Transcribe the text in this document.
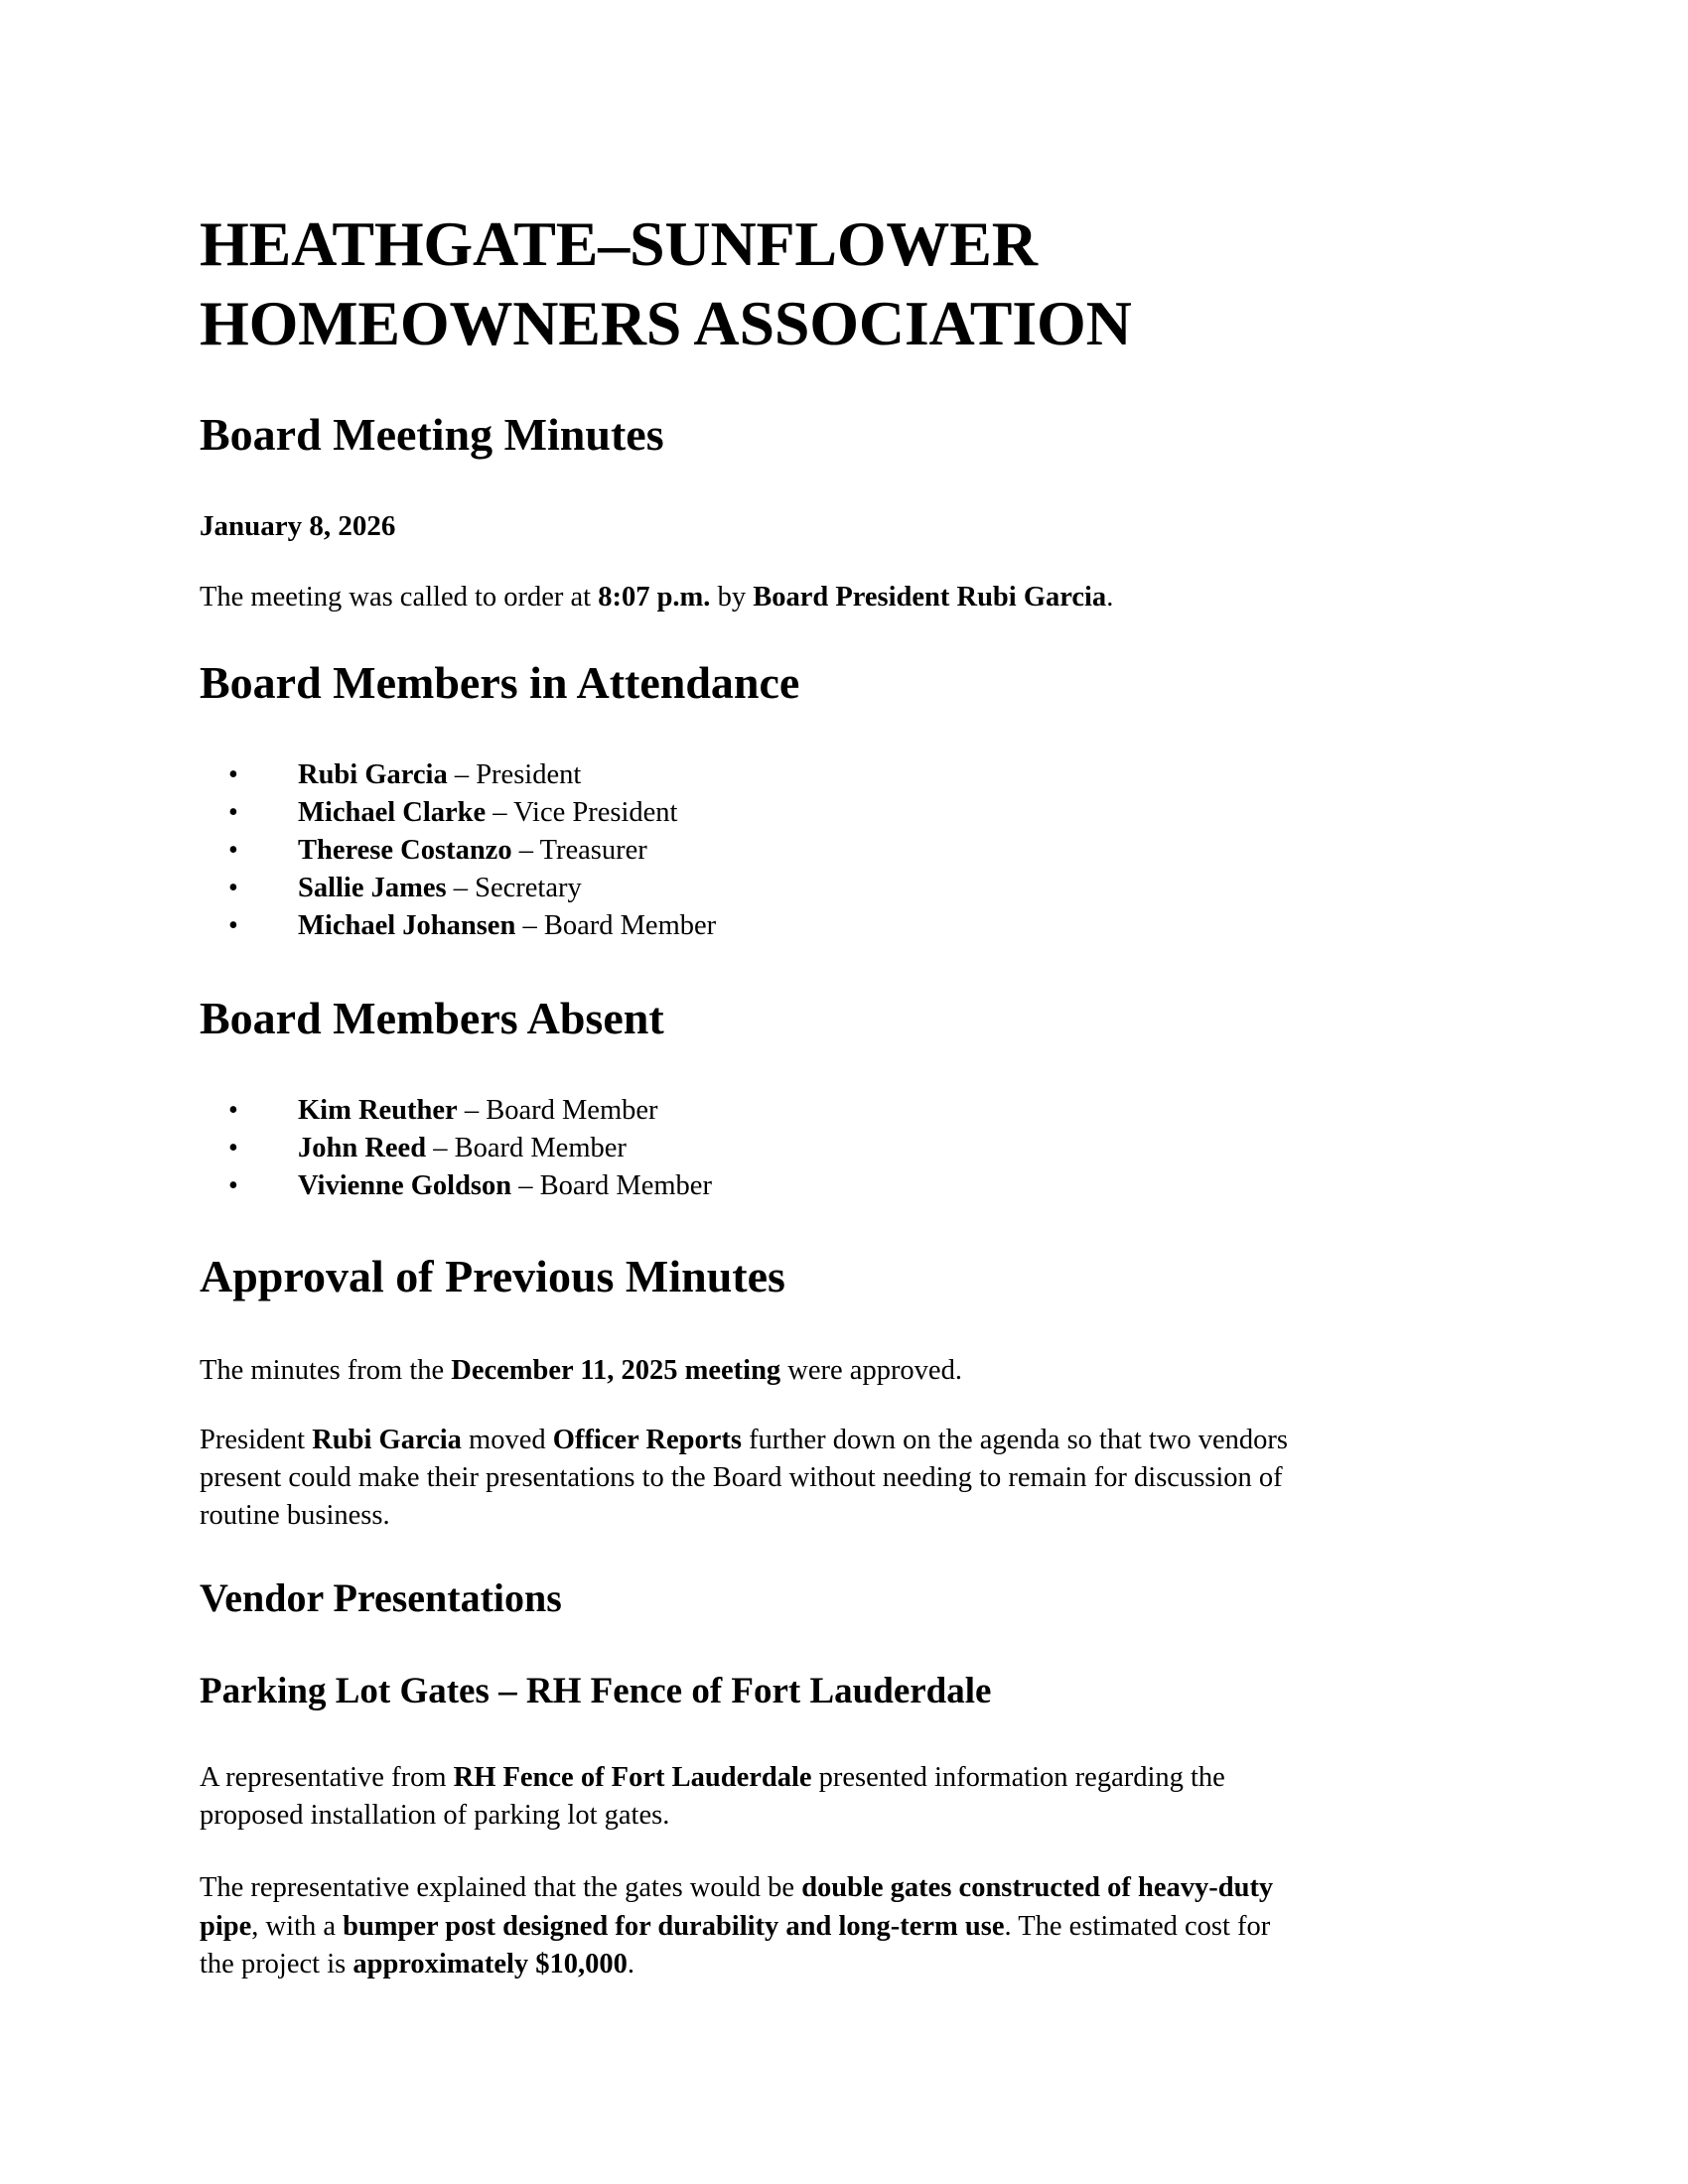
HEATHGATE–SUNFLOWER
HOMEOWNERS ASSOCIATION
Board Meeting Minutes
January 8, 2026
The meeting was called to order at 8:07 p.m. by Board President Rubi Garcia.
Board Members in Attendance
• Rubi Garcia – President
• Michael Clarke – Vice President
• Therese Costanzo – Treasurer
• Sallie James – Secretary
• Michael Johansen – Board Member
Board Members Absent
• Kim Reuther – Board Member
• John Reed – Board Member
• Vivienne Goldson – Board Member
Approval of Previous Minutes
The minutes from the December 11, 2025 meeting were approved.
President Rubi Garcia moved Officer Reports further down on the agenda so that two vendors
present could make their presentations to the Board without needing to remain for discussion of
routine business.
Vendor Presentations
Parking Lot Gates – RH Fence of Fort Lauderdale
A representative from RH Fence of Fort Lauderdale presented information regarding the
proposed installation of parking lot gates.
The representative explained that the gates would be double gates constructed of heavy-duty
pipe, with a bumper post designed for durability and long-term use. The estimated cost for
the project is approximately $10,000.
